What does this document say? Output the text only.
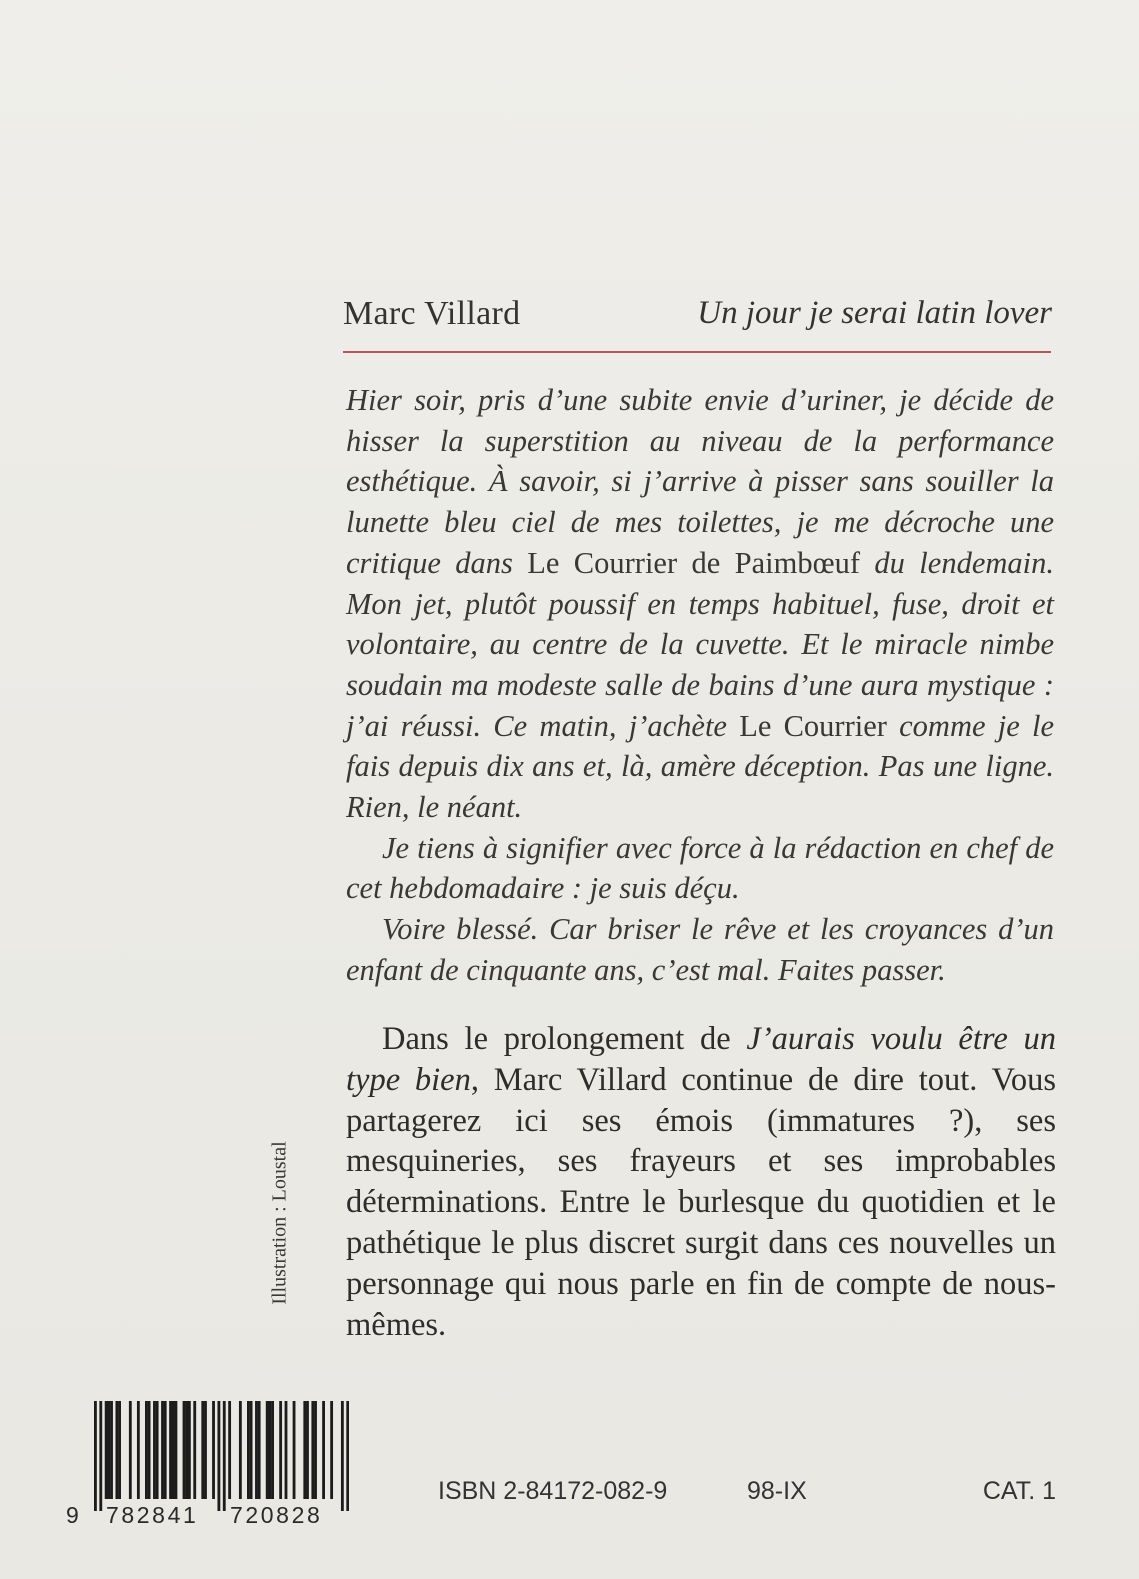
Marc Villard	Un jour je serai latin lover

Hier soir, pris d’une subite envie d’uriner, je décide de hisser la superstition au niveau de la performance esthétique. À savoir, si j’arrive à pisser sans souiller la lunette bleu ciel de mes toilettes, je me décroche une critique dans Le Courrier de Paimbœuf du lendemain. Mon jet, plutôt poussif en temps habituel, fuse, droit et volontaire, au centre de la cuvette. Et le miracle nimbe soudain ma modeste salle de bains d’une aura mystique : j’ai réussi. Ce matin, j’achète Le Courrier comme je le fais depuis dix ans et, là, amère déception. Pas une ligne. Rien, le néant.

Je tiens à signifier avec force à la rédaction en chef de cet hebdomadaire : je suis déçu.

Voire blessé. Car briser le rêve et les croyances d’un enfant de cinquante ans, c’est mal. Faites passer.

Dans le prolongement de J’aurais voulu être un type bien, Marc Villard continue de dire tout. Vous partagerez ici ses émois (immatures ?), ses mesquineries, ses frayeurs et ses improbables déterminations. Entre le burlesque du quotidien et le pathétique le plus discret surgit dans ces nouvelles un personnage qui nous parle en fin de compte de nous-mêmes.

Illustration : Loustal
9 782841 720828
ISBN 2-84172-082-9	98-IX	CAT. 1
